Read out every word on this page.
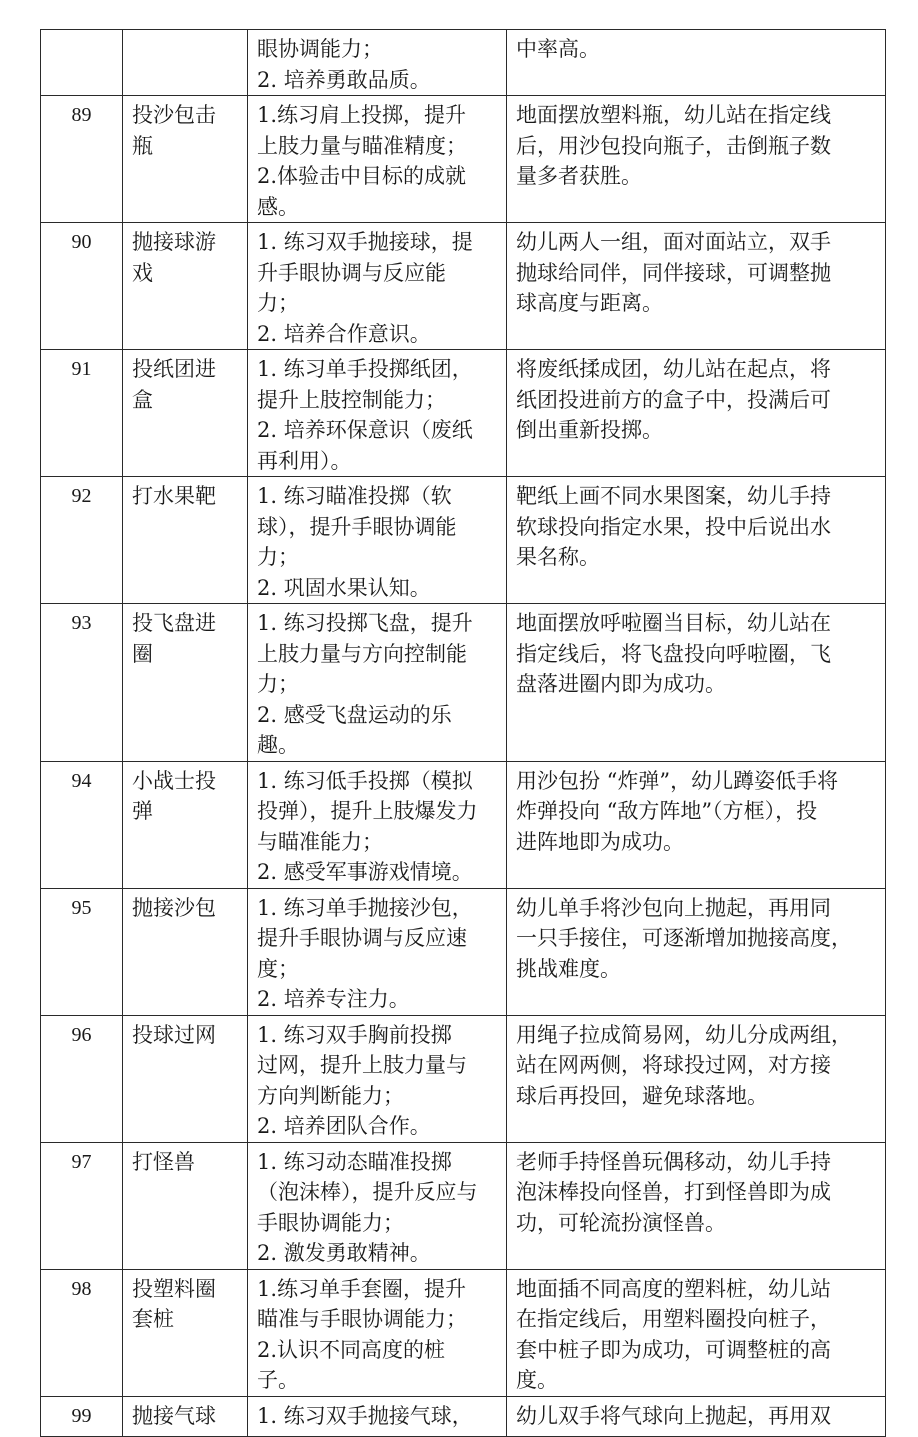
		眼协调能力；
2. 培养勇敢品质。	中率高。

89	投沙包击
瓶	1.练习肩上投掷，提升
上肢力量与瞄准精度；
2.体验击中目标的成就
感。	地面摆放塑料瓶，幼儿站在指定线
后，用沙包投向瓶子，击倒瓶子数
量多者获胜。

90	抛接球游
戏	1. 练习双手抛接球，提
升手眼协调与反应能
力；
2. 培养合作意识。	幼儿两人一组，面对面站立，双手
抛球给同伴，同伴接球，可调整抛
球高度与距离。

91	投纸团进
盒	1. 练习单手投掷纸团，
提升上肢控制能力；
2. 培养环保意识（废纸
再利用）。	将废纸揉成团，幼儿站在起点，将
纸团投进前方的盒子中，投满后可
倒出重新投掷。

92	打水果靶	1. 练习瞄准投掷（软
球），提升手眼协调能
力；
2. 巩固水果认知。	靶纸上画不同水果图案，幼儿手持
软球投向指定水果，投中后说出水
果名称。

93	投飞盘进
圈	1. 练习投掷飞盘，提升
上肢力量与方向控制能
力；
2. 感受飞盘运动的乐
趣。	地面摆放呼啦圈当目标，幼儿站在
指定线后，将飞盘投向呼啦圈，飞
盘落进圈内即为成功。

94	小战士投
弹	1. 练习低手投掷（模拟
投弹），提升上肢爆发力
与瞄准能力；
2. 感受军事游戏情境。	用沙包扮 “炸弹”，幼儿蹲姿低手将
炸弹投向 “敌方阵地”（方框），投
进阵地即为成功。

95	抛接沙包	1. 练习单手抛接沙包，
提升手眼协调与反应速
度；
2. 培养专注力。	幼儿单手将沙包向上抛起，再用同
一只手接住，可逐渐增加抛接高度，
挑战难度。

96	投球过网	1. 练习双手胸前投掷
过网，提升上肢力量与
方向判断能力；
2. 培养团队合作。	用绳子拉成简易网，幼儿分成两组，
站在网两侧，将球投过网，对方接
球后再投回，避免球落地。

97	打怪兽	1. 练习动态瞄准投掷
（泡沫棒），提升反应与
手眼协调能力；
2. 激发勇敢精神。	老师手持怪兽玩偶移动，幼儿手持
泡沫棒投向怪兽，打到怪兽即为成
功，可轮流扮演怪兽。

98	投塑料圈
套桩	1.练习单手套圈，提升
瞄准与手眼协调能力；
2.认识不同高度的桩
子。	地面插不同高度的塑料桩，幼儿站
在指定线后，用塑料圈投向桩子，
套中桩子即为成功，可调整桩的高
度。

99	抛接气球	1. 练习双手抛接气球，	幼儿双手将气球向上抛起，再用双
